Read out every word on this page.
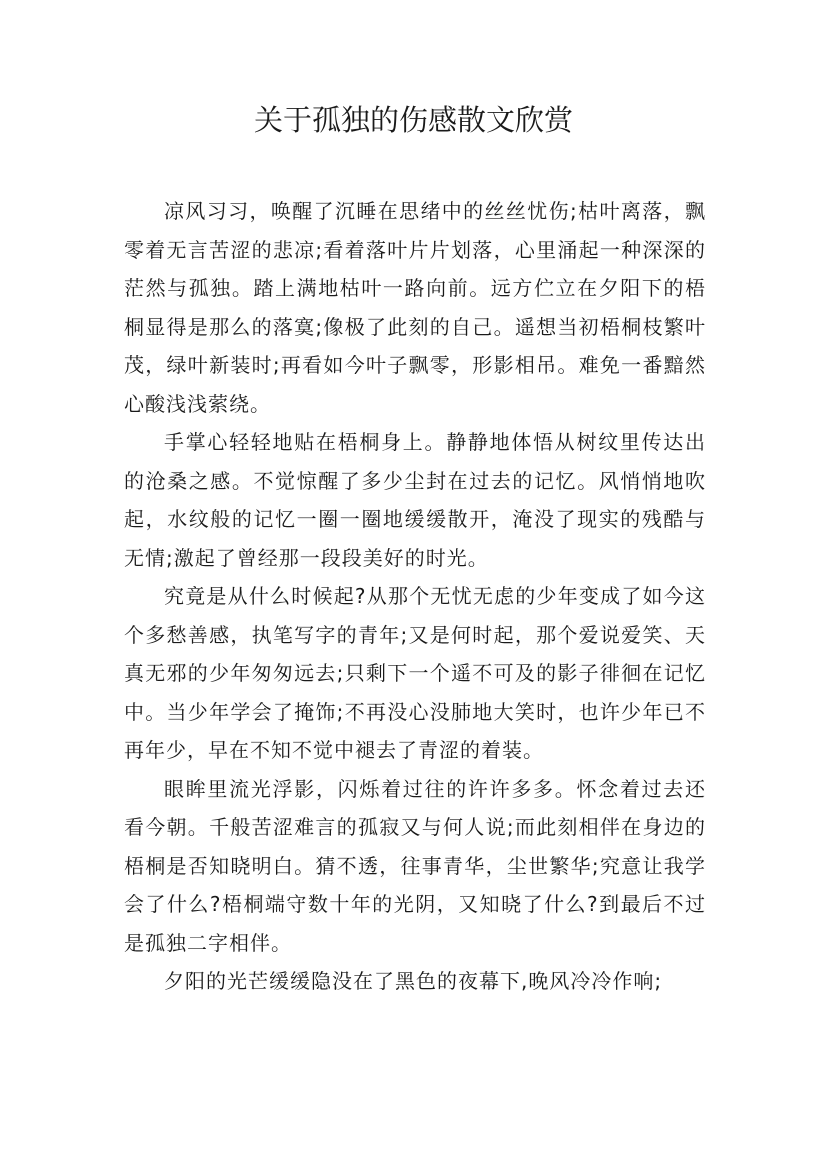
关于孤独的伤感散文欣赏

凉风习习，唤醒了沉睡在思绪中的丝丝忧伤;枯叶离落，飘零着无言苦涩的悲凉;看着落叶片片划落，心里涌起一种深深的茫然与孤独。踏上满地枯叶一路向前。远方伫立在夕阳下的梧桐显得是那么的落寞;像极了此刻的自己。遥想当初梧桐枝繁叶茂，绿叶新装时;再看如今叶子飘零，形影相吊。难免一番黯然心酸浅浅萦绕。

手掌心轻轻地贴在梧桐身上。静静地体悟从树纹里传达出的沧桑之感。不觉惊醒了多少尘封在过去的记忆。风悄悄地吹起，水纹般的记忆一圈一圈地缓缓散开，淹没了现实的残酷与无情;激起了曾经那一段段美好的时光。

究竟是从什么时候起?从那个无忧无虑的少年变成了如今这个多愁善感，执笔写字的青年;又是何时起，那个爱说爱笑、天真无邪的少年匆匆远去;只剩下一个遥不可及的影子徘徊在记忆中。当少年学会了掩饰;不再没心没肺地大笑时，也许少年已不再年少，早在不知不觉中褪去了青涩的着装。

眼眸里流光浮影，闪烁着过往的许许多多。怀念着过去还看今朝。千般苦涩难言的孤寂又与何人说;而此刻相伴在身边的梧桐是否知晓明白。猜不透，往事青华，尘世繁华;究意让我学会了什么?梧桐端守数十年的光阴，又知晓了什么?到最后不过是孤独二字相伴。

夕阳的光芒缓缓隐没在了黑色的夜幕下,晚风冷冷作响;
